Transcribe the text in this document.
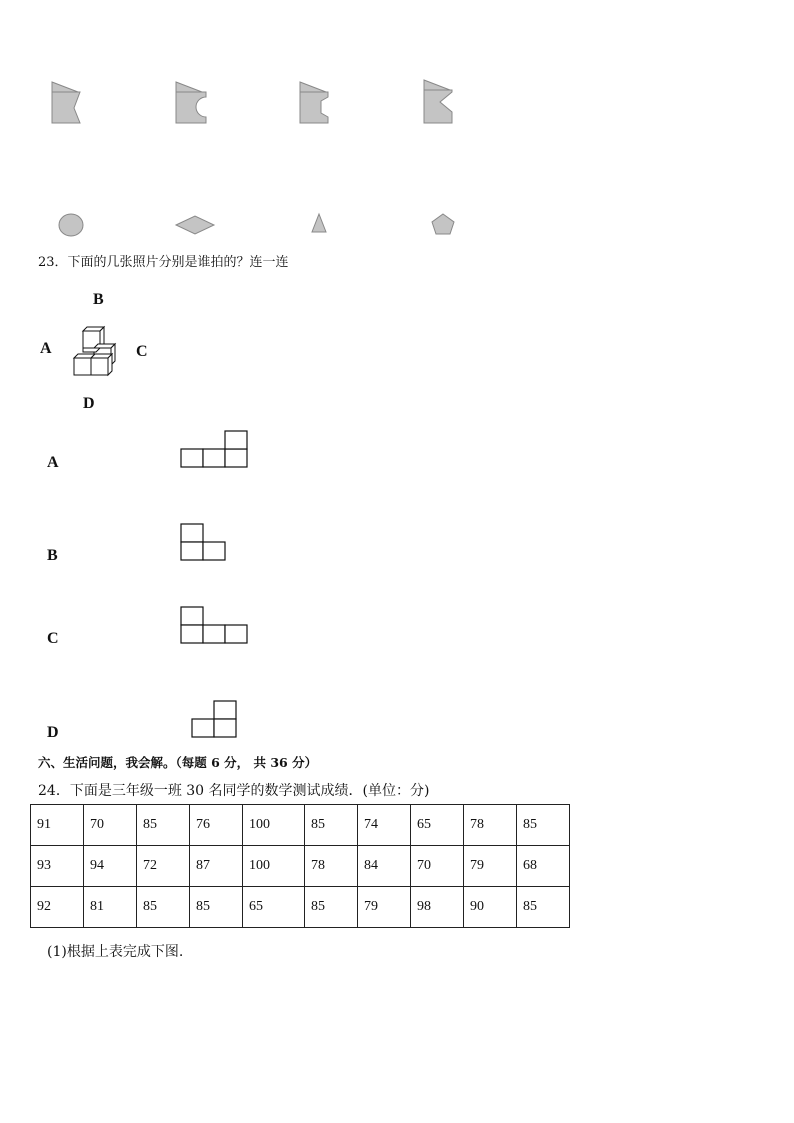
23．下面的几张照片分别是谁拍的？连一连
B
A	C
D
A
B
C
D
六、生活问题，我会解。（每题 6 分， 共 36 分）
24．下面是三年级一班 30 名同学的数学测试成绩．(单位：分)
91	70	85	76	100	85	74	65	78	85
93	94	72	87	100	78	84	70	79	68
92	81	85	85	65	85	79	98	90	85
(1)根据上表完成下图.
